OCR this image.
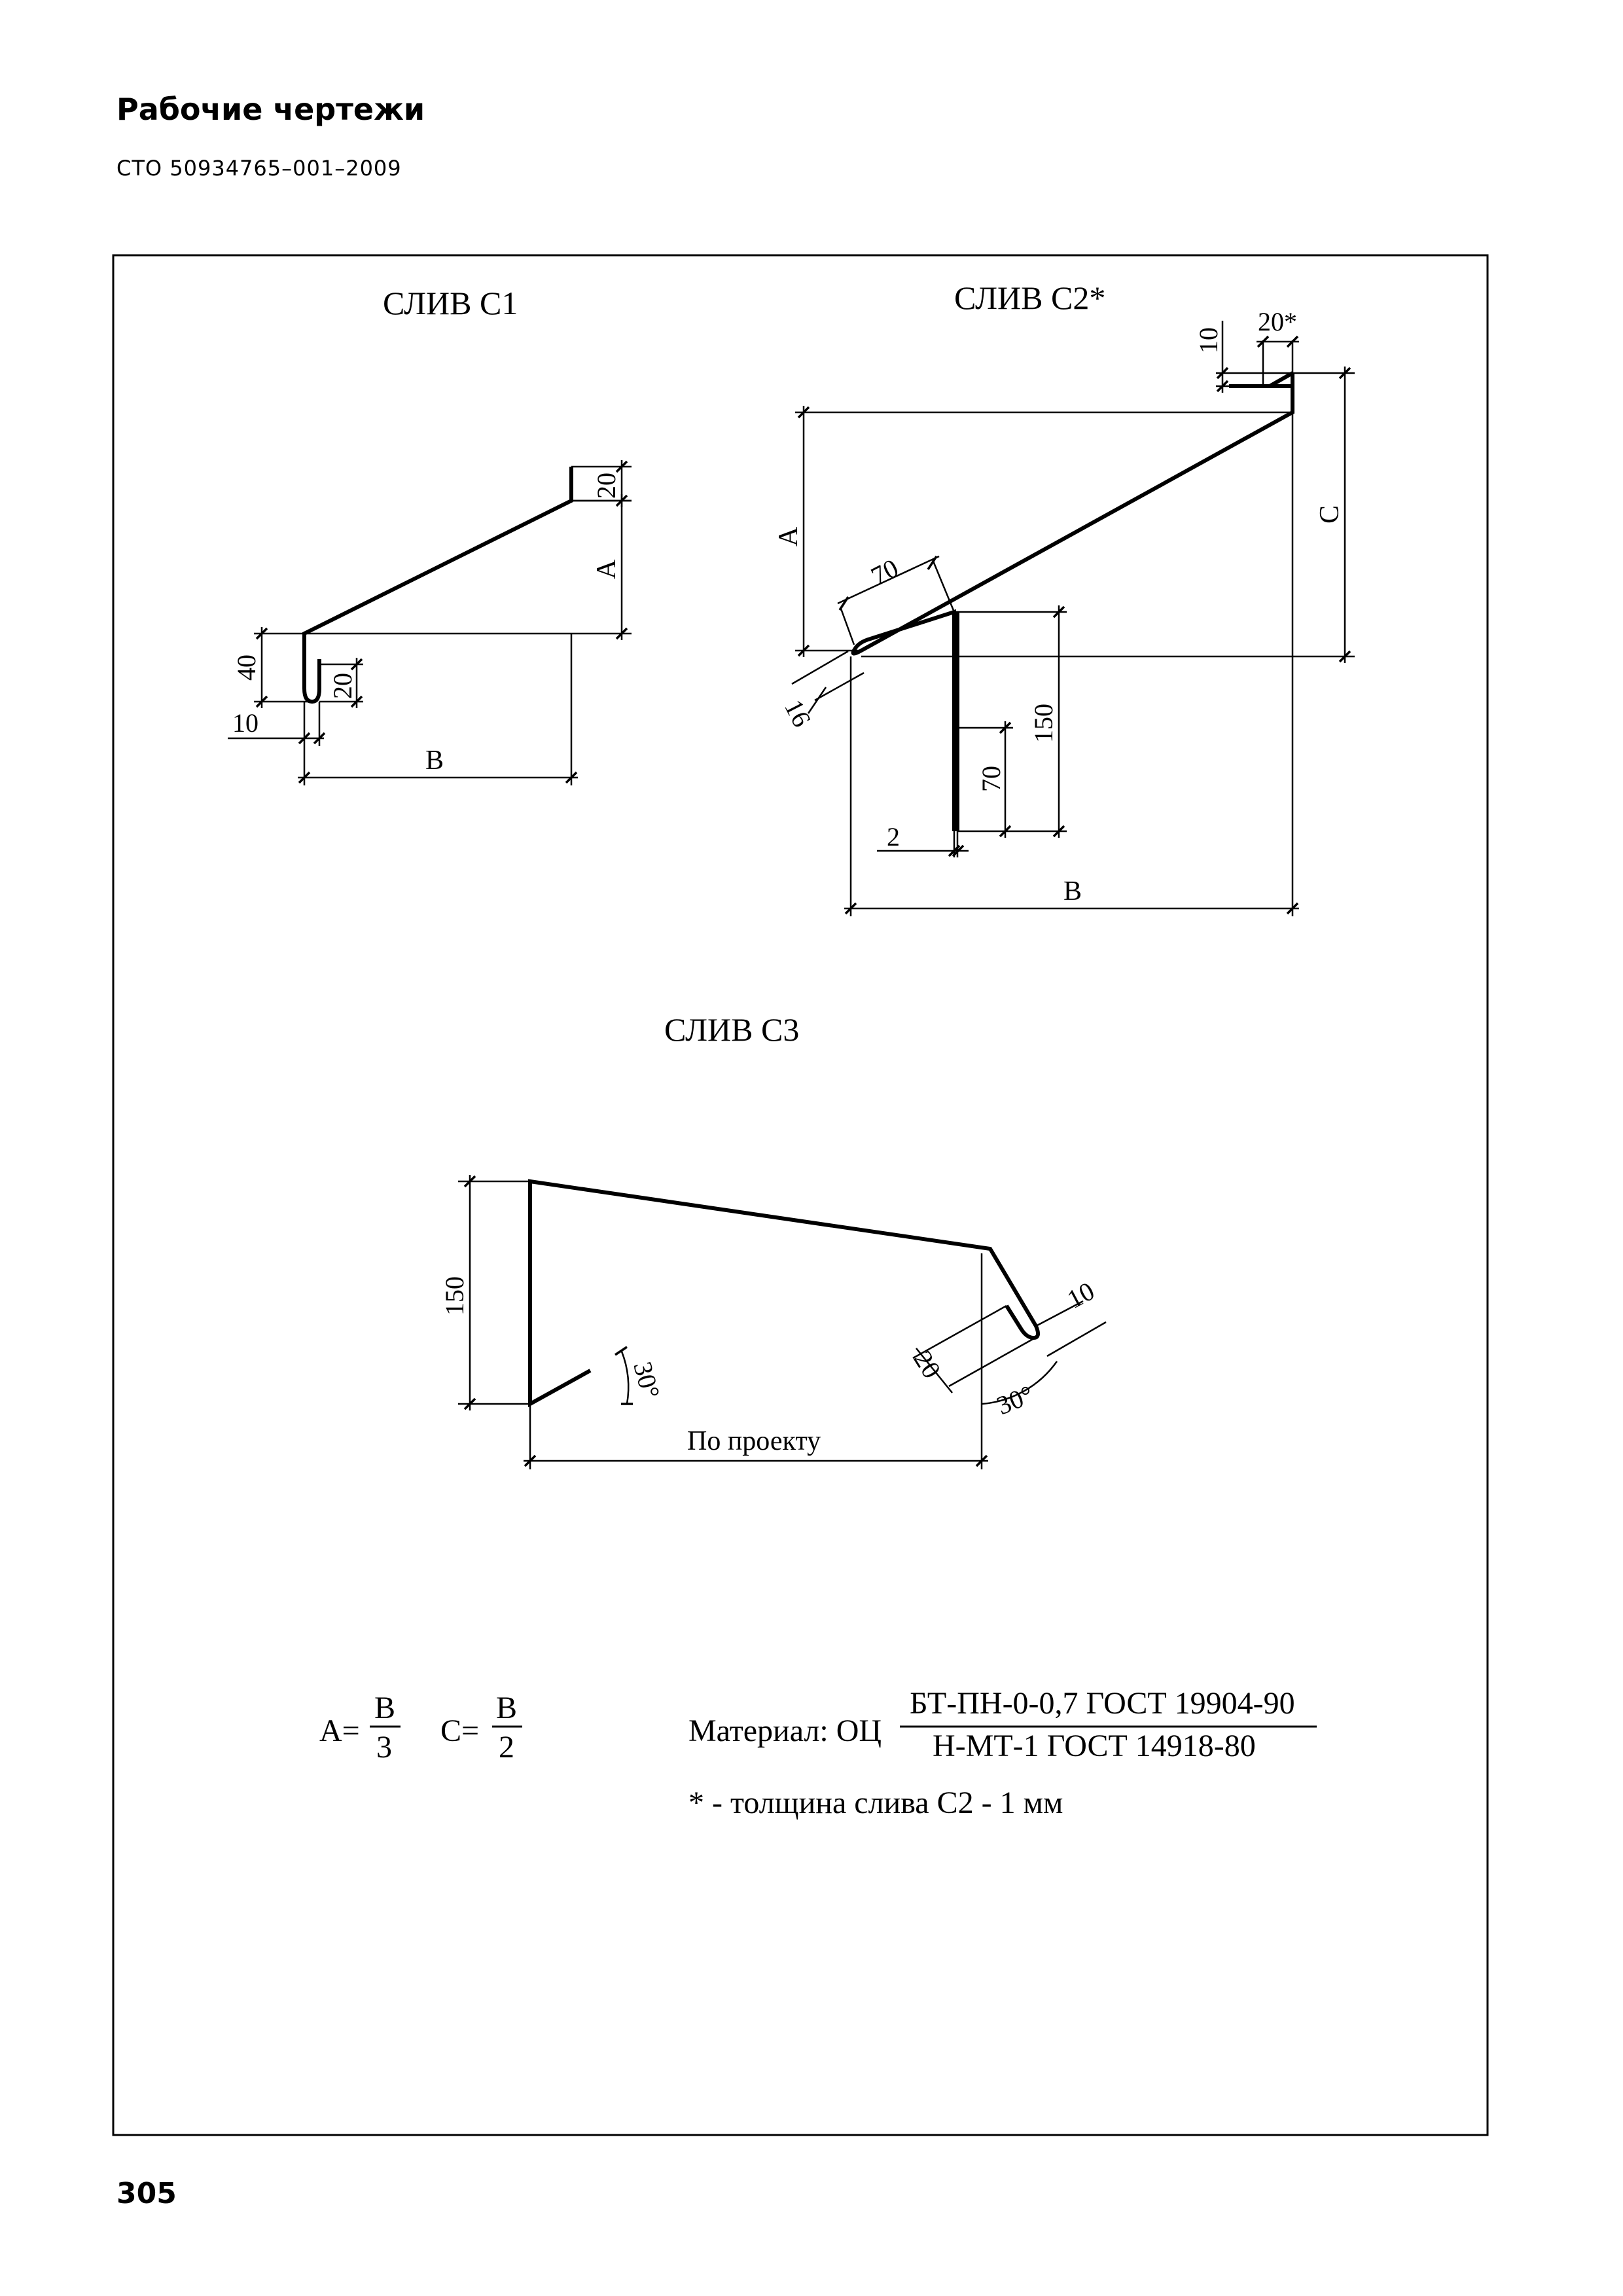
Рабочие чертежи
СТО 50934765–001–2009
СЛИВ С1
20
A
40
20
10
B
СЛИВ С2*
10
20*
C
A
70
16	150
70
2
B
СЛИВ С3
150
30°
По проекту
20
10
30°
A=
B
3 C=
B
2	Материал: ОЦ
БТ-ПН-0-0,7 ГОСТ 19904-90
Н-МТ-1 ГОСТ 14918-80
* - толщина слива С2 - 1 мм
305
